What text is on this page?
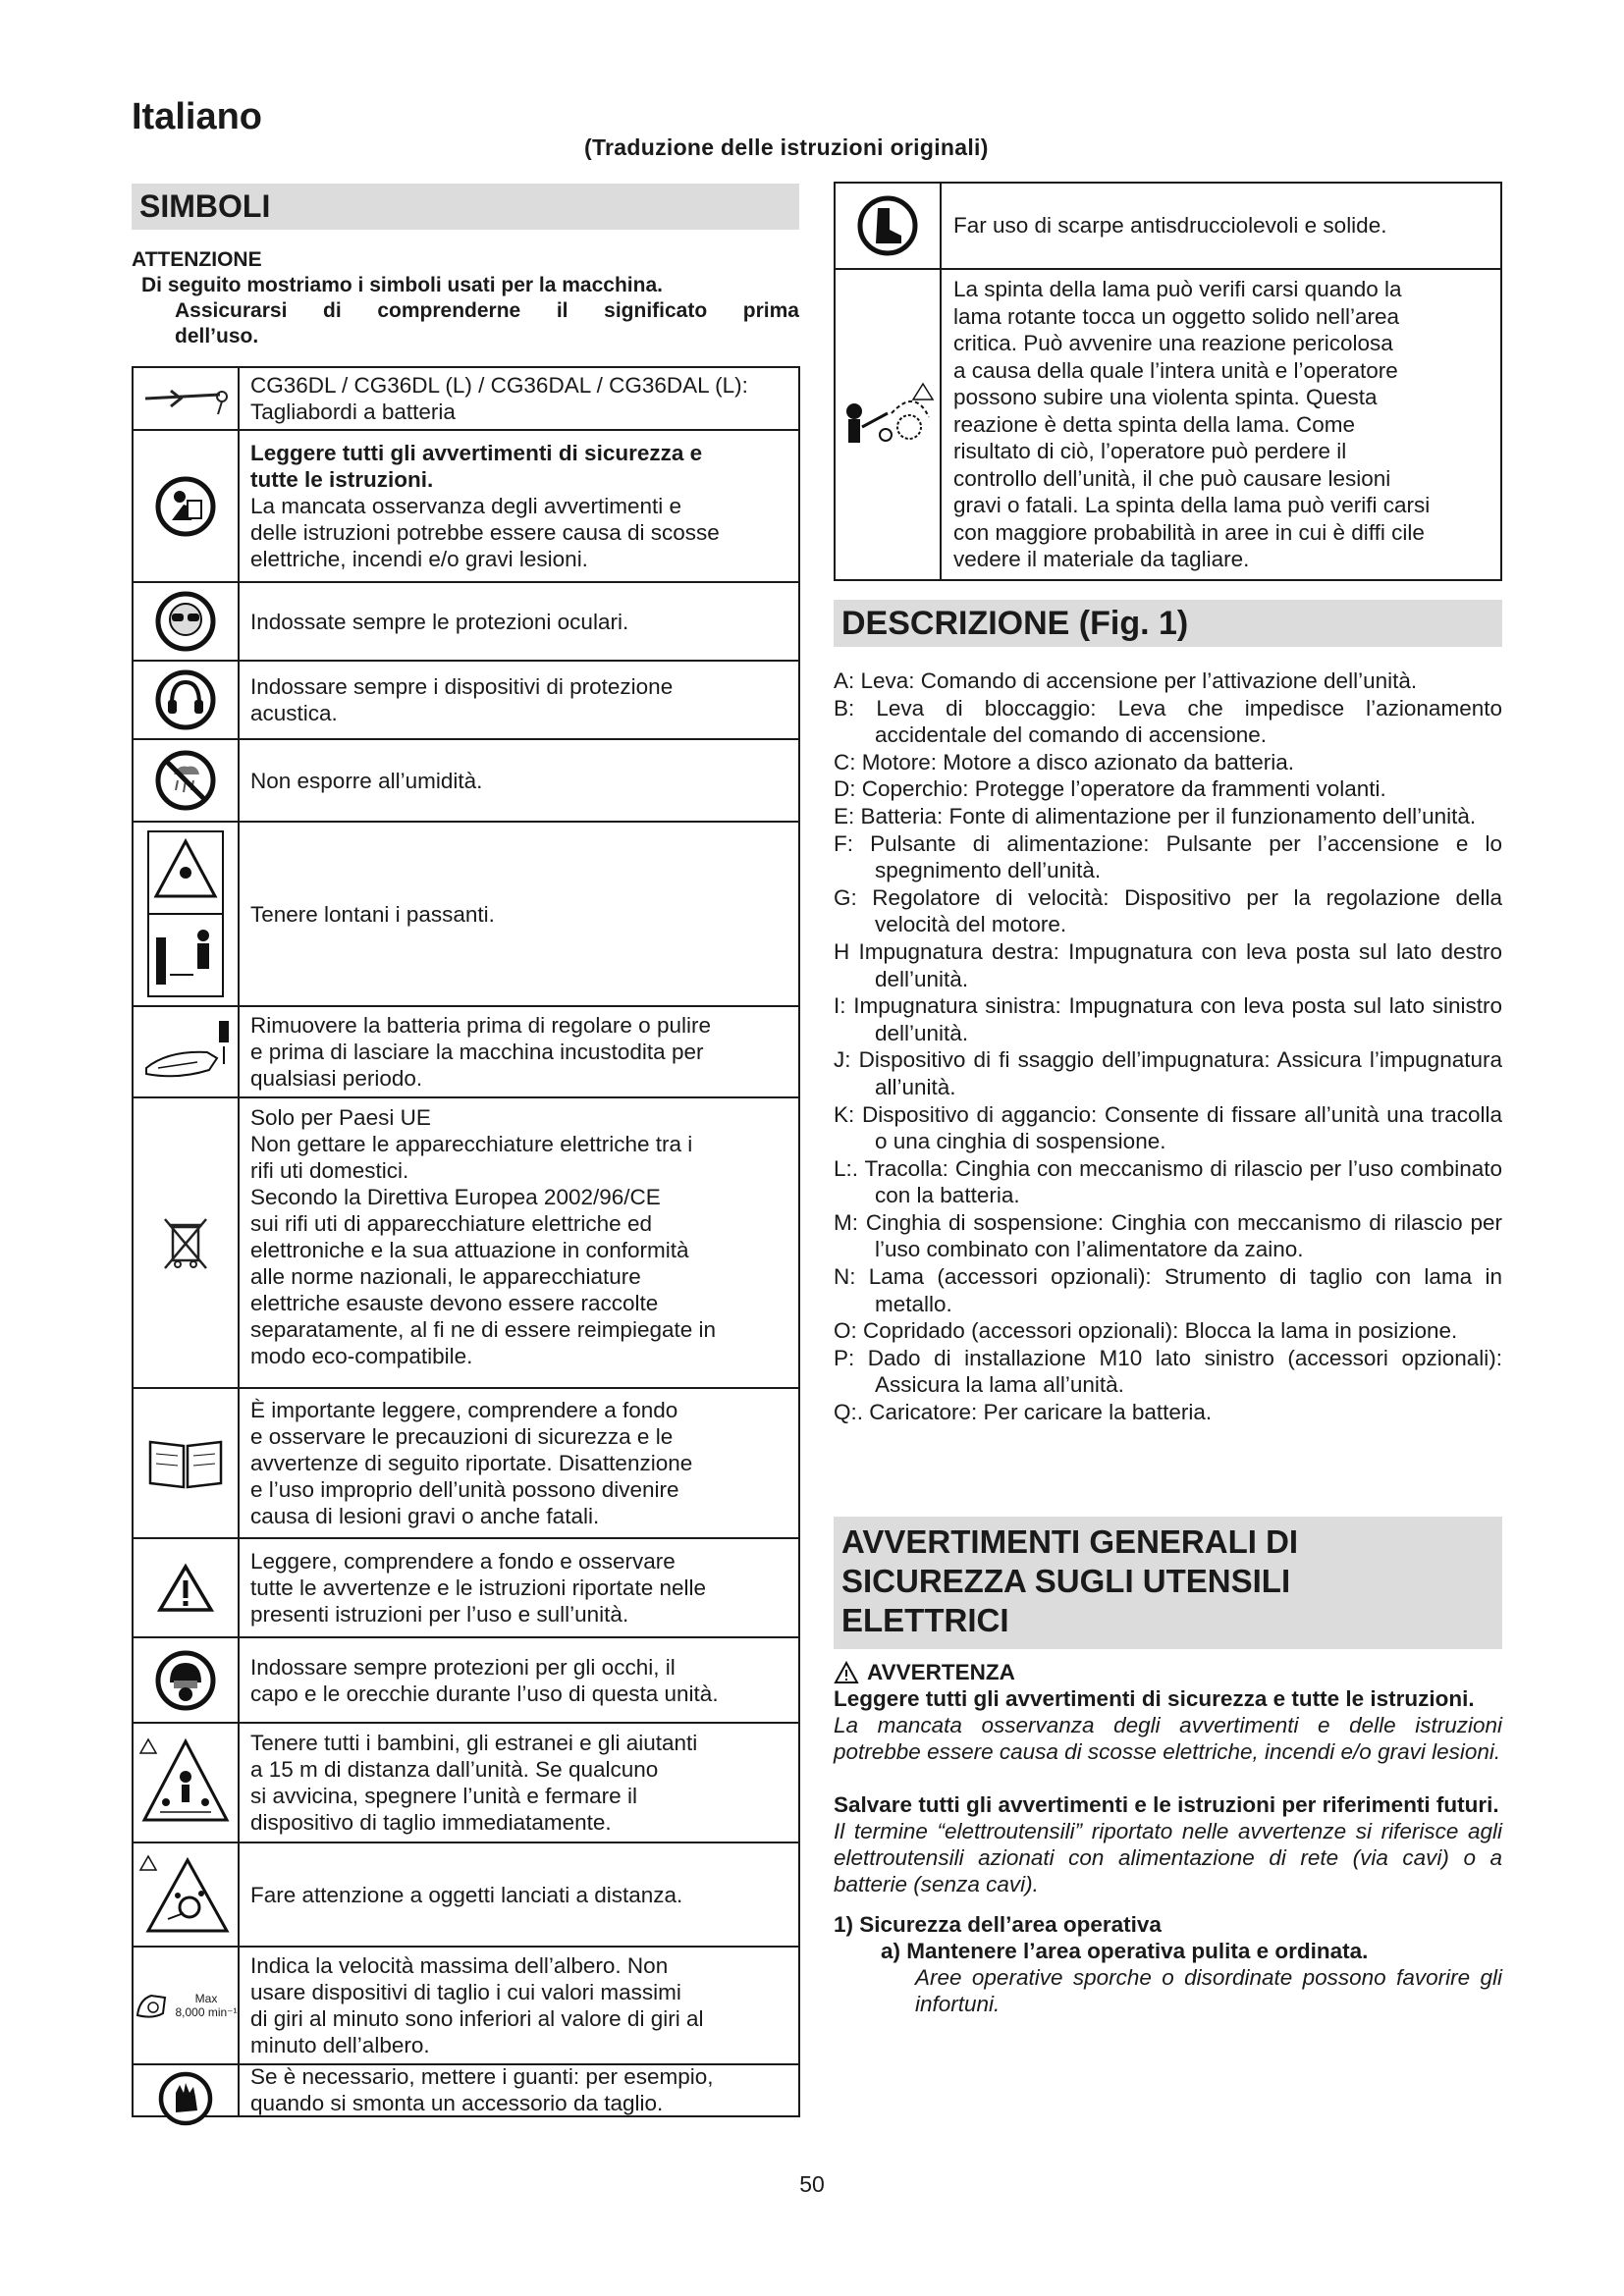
Italiano
(Traduzione delle istruzioni originali)
SIMBOLI
ATTENZIONE
Di seguito mostriamo i simboli usati per la macchina.
Assicurarsi di comprenderne il significato prima
dell’uso.
CG36DL / CG36DL (L) / CG36DAL / CG36DAL (L):
Tagliabordi a batteria
Leggere tutti gli avvertimenti di sicurezza e
tutte le istruzioni.
La mancata osservanza degli avvertimenti e
delle istruzioni potrebbe essere causa di scosse
elettriche, incendi e/o gravi lesioni.
Indossate sempre le protezioni oculari.
Indossare sempre i dispositivi di protezione
acustica.
Non esporre all’umidità.
Tenere lontani i passanti.
Rimuovere la batteria prima di regolare o pulire
e prima di lasciare la macchina incustodita per
qualsiasi periodo.
Solo per Paesi UE
Non gettare le apparecchiature elettriche tra i
rifi uti domestici.
Secondo la Direttiva Europea 2002/96/CE
sui rifi uti di apparecchiature elettriche ed
elettroniche e la sua attuazione in conformità
alle norme nazionali, le apparecchiature
elettriche esauste devono essere raccolte
separatamente, al fi ne di essere reimpiegate in
modo eco-compatibile.
È importante leggere, comprendere a fondo
e osservare le precauzioni di sicurezza e le
avvertenze di seguito riportate. Disattenzione
e l’uso improprio dell’unità possono divenire
causa di lesioni gravi o anche fatali.
Leggere, comprendere a fondo e osservare
tutte le avvertenze e le istruzioni riportate nelle
presenti istruzioni per l’uso e sull’unità.
Indossare sempre protezioni per gli occhi, il
capo e le orecchie durante l’uso di questa unità.
Tenere tutti i bambini, gli estranei e gli aiutanti
a 15 m di distanza dall’unità. Se qualcuno
si avvicina, spegnere l’unità e fermare il
dispositivo di taglio immediatamente.
Fare attenzione a oggetti lanciati a distanza.
Max
8,000 min⁻¹
Indica la velocità massima dell’albero. Non
usare dispositivi di taglio i cui valori massimi
di giri al minuto sono inferiori al valore di giri al
minuto dell’albero.
Se è necessario, mettere i guanti: per esempio,
quando si smonta un accessorio da taglio.
Far uso di scarpe antisdrucciolevoli e solide.
La spinta della lama può verifi carsi quando la
lama rotante tocca un oggetto solido nell’area
critica. Può avvenire una reazione pericolosa
a causa della quale l’intera unità e l’operatore
possono subire una violenta spinta. Questa
reazione è detta spinta della lama. Come
risultato di ciò, l’operatore può perdere il
controllo dell’unità, il che può causare lesioni
gravi o fatali. La spinta della lama può verifi carsi
con maggiore probabilità in aree in cui è diffi cile
vedere il materiale da tagliare.
DESCRIZIONE (Fig. 1)
A: Leva: Comando di accensione per l’attivazione dell’unità.
B: Leva di bloccaggio: Leva che impedisce l’azionamento accidentale del comando di accensione.
C: Motore: Motore a disco azionato da batteria.
D: Coperchio: Protegge l’operatore da frammenti volanti.
E: Batteria: Fonte di alimentazione per il funzionamento dell’unità.
F: Pulsante di alimentazione: Pulsante per l’accensione e lo spegnimento dell’unità.
G: Regolatore di velocità: Dispositivo per la regolazione della velocità del motore.
H Impugnatura destra: Impugnatura con leva posta sul lato destro dell’unità.
I: Impugnatura sinistra: Impugnatura con leva posta sul lato sinistro dell’unità.
J: Dispositivo di fi ssaggio dell’impugnatura: Assicura l’impugnatura all’unità.
K: Dispositivo di aggancio: Consente di fissare all’unità una tracolla o una cinghia di sospensione.
L:. Tracolla: Cinghia con meccanismo di rilascio per l’uso combinato con la batteria.
M: Cinghia di sospensione: Cinghia con meccanismo di rilascio per l’uso combinato con l’alimentatore da zaino.
N: Lama (accessori opzionali): Strumento di taglio con lama in metallo.
O: Copridado (accessori opzionali): Blocca la lama in posizione.
P: Dado di installazione M10 lato sinistro (accessori opzionali): Assicura la lama all’unità.
Q:. Caricatore: Per caricare la batteria.
AVVERTIMENTI GENERALI DI
SICUREZZA SUGLI UTENSILI
ELETTRICI
AVVERTENZA
Leggere tutti gli avvertimenti di sicurezza e tutte le istruzioni.
La mancata osservanza degli avvertimenti e delle istruzioni potrebbe essere causa di scosse elettriche, incendi e/o gravi lesioni.
Salvare tutti gli avvertimenti e le istruzioni per riferimenti futuri.
Il termine “elettroutensili” riportato nelle avvertenze si riferisce agli elettroutensili azionati con alimentazione di rete (via cavi) o a batterie (senza cavi).
1) Sicurezza dell’area operativa
a) Mantenere l’area operativa pulita e ordinata.
Aree operative sporche o disordinate possono favorire gli infortuni.
50
